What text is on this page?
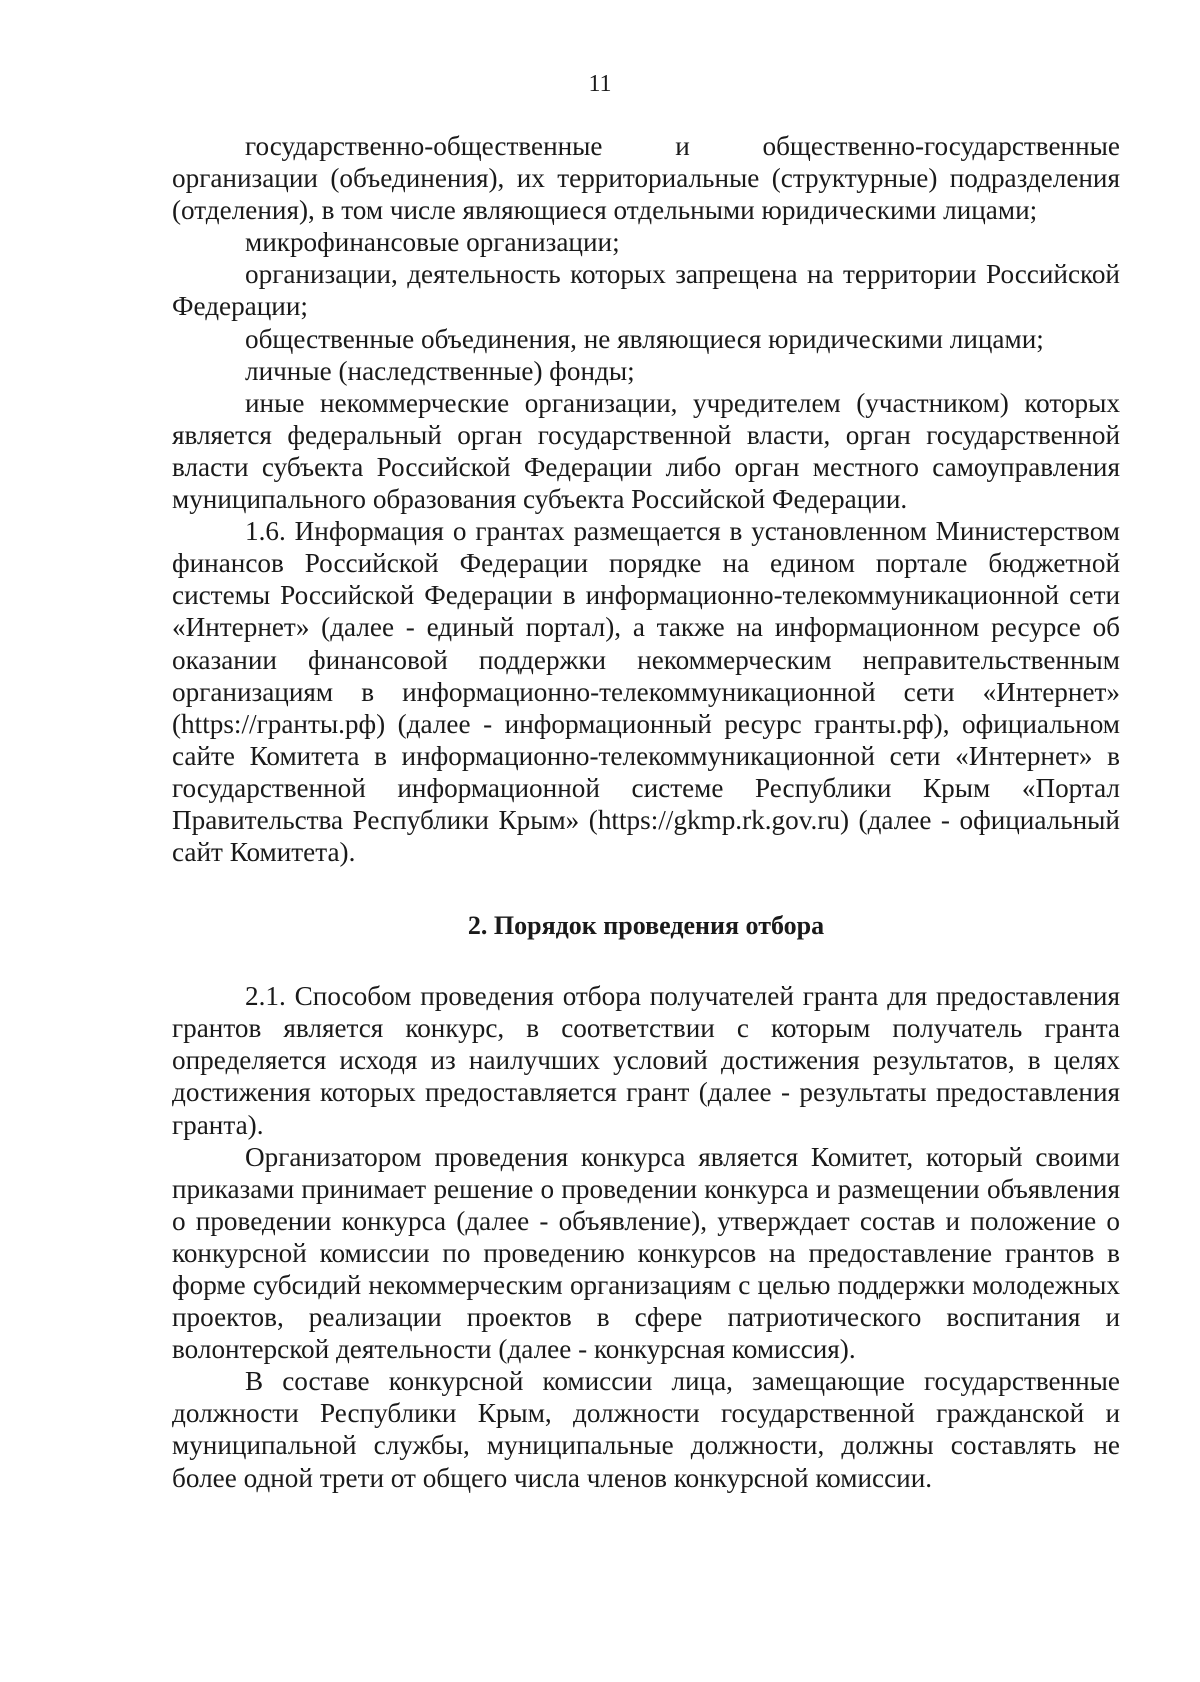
11

государственно-общественные и общественно-государственные организации (объединения), их территориальные (структурные) подразделения (отделения), в том числе являющиеся отдельными юридическими лицами;

микрофинансовые организации;

организации, деятельность которых запрещена на территории Российской Федерации;

общественные объединения, не являющиеся юридическими лицами;

личные (наследственные) фонды;

иные некоммерческие организации, учредителем (участником) которых является федеральный орган государственной власти, орган государственной власти субъекта Российской Федерации либо орган местного самоуправления муниципального образования субъекта Российской Федерации.

1.6. Информация о грантах размещается в установленном Министерством финансов Российской Федерации порядке на едином портале бюджетной системы Российской Федерации в информационно-телекоммуникационной сети «Интернет» (далее - единый портал), а также на информационном ресурсе об оказании финансовой поддержки некоммерческим неправительственным организациям в информационно-телекоммуникационной сети «Интернет» (https://гранты.рф) (далее - информационный ресурс гранты.рф), официальном сайте Комитета в информационно-телекоммуникационной сети «Интернет» в государственной информационной системе Республики Крым «Портал Правительства Республики Крым» (https://gkmp.rk.gov.ru) (далее - официальный сайт Комитета).

2. Порядок проведения отбора

2.1. Способом проведения отбора получателей гранта для предоставления грантов является конкурс, в соответствии с которым получатель гранта определяется исходя из наилучших условий достижения результатов, в целях достижения которых предоставляется грант (далее - результаты предоставления гранта).

Организатором проведения конкурса является Комитет, который своими приказами принимает решение о проведении конкурса и размещении объявления о проведении конкурса (далее - объявление), утверждает состав и положение о конкурсной комиссии по проведению конкурсов на предоставление грантов в форме субсидий некоммерческим организациям с целью поддержки молодежных проектов, реализации проектов в сфере патриотического воспитания и волонтерской деятельности (далее - конкурсная комиссия).

В составе конкурсной комиссии лица, замещающие государственные должности Республики Крым, должности государственной гражданской и муниципальной службы, муниципальные должности, должны составлять не более одной трети от общего числа членов конкурсной комиссии.
